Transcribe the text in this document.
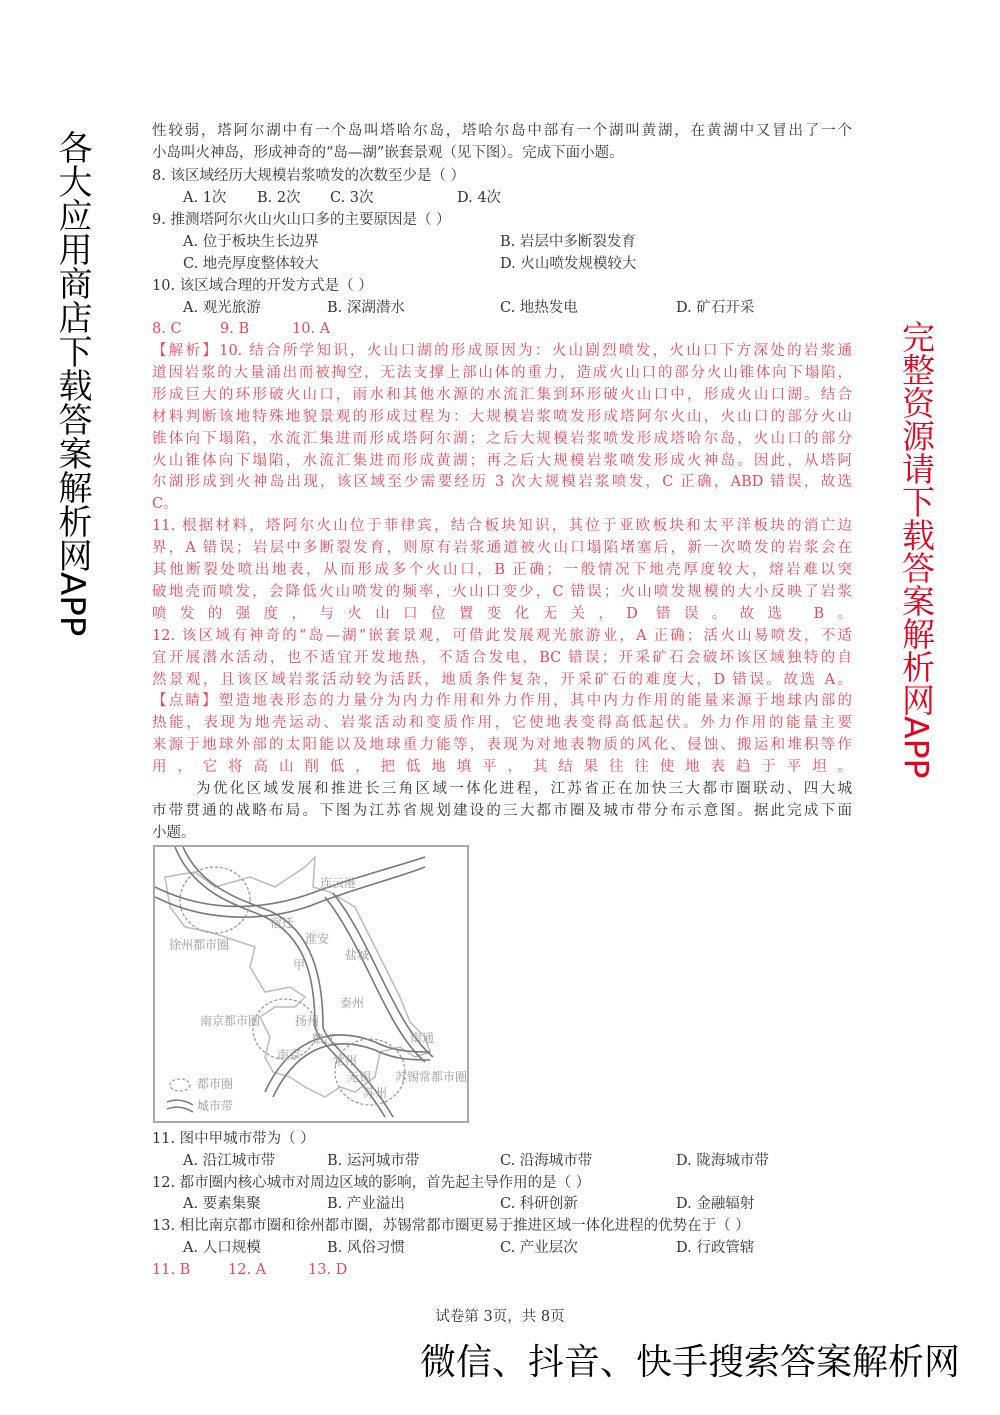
性较弱，塔阿尔湖中有一个岛叫塔哈尔岛，塔哈尔岛中部有一个湖叫黄湖，在黄湖中又冒出了一个
小岛叫火神岛，形成神奇的“岛—湖”嵌套景观（见下图）。完成下面小题。
8. 该区域经历大规模岩浆喷发的次数至少是（ ）
A. 1次 B. 2次 C. 3次	D. 4次
9. 推测塔阿尔火山火山口多的主要原因是（ ）
A. 位于板块生长边界	B. 岩层中多断裂发育
C. 地壳厚度整体较大	D. 火山喷发规模较大
10. 该区域合理的开发方式是（ ）
A. 观光旅游	B. 深湖潜水	C. 地热发电	D. 矿石开采
8. C	9. B	10. A
【解析】10. 结合所学知识，火山口湖的形成原因为：火山剧烈喷发，火山口下方深处的岩浆通
道因岩浆的大量涌出而被掏空，无法支撑上部山体的重力，造成火山口的部分火山锥体向下塌陷，
形成巨大的环形破火山口，雨水和其他水源的水流汇集到环形破火山口中，形成火山口湖。结合
材料判断该地特殊地貌景观的形成过程为：大规模岩浆喷发形成塔阿尔火山，火山口的部分火山
锥体向下塌陷，水流汇集进而形成塔阿尔湖；之后大规模岩浆喷发形成塔哈尔岛，火山口的部分
火山锥体向下塌陷，水流汇集进而形成黄湖；再之后大规模岩浆喷发形成火神岛。因此，从塔阿
尔湖形成到火神岛出现，该区域至少需要经历 3 次大规模岩浆喷发，C 正确，ABD 错误，故选
C。
11. 根据材料，塔阿尔火山位于菲律宾，结合板块知识，其位于亚欧板块和太平洋板块的消亡边
界，A 错误；岩层中多断裂发育，则原有岩浆通道被火山口塌陷堵塞后，新一次喷发的岩浆会在
其他断裂处喷出地表，从而形成多个火山口，B 正确；一般情况下地壳厚度较大，熔岩难以突
破地壳而喷发，会降低火山喷发的频率，火山口变少，C 错误；火山喷发规模的大小反映了岩浆
喷发的强度，与火山口位置变化无关，D 错误。故选 B。
12. 该区域有神奇的“岛—湖”嵌套景观，可借此发展观光旅游业，A 正确；活火山易喷发，不适
宜开展潜水活动，也不适宜开发地热，不适合发电，BC 错误；开采矿石会破坏该区域独特的自
然景观，且该区域岩浆活动较为活跃，地质条件复杂，开采矿石的难度大，D 错误。故选 A。
【点睛】塑造地表形态的力量分为内力作用和外力作用，其中内力作用的能量来源于地球内部的
热能，表现为地壳运动、岩浆活动和变质作用，它使地表变得高低起伏。外力作用的能量主要
来源于地球外部的太阳能以及地球重力能等，表现为对地表物质的风化、侵蚀、搬运和堆积等作
用，它将高山削低，把低地填平，其结果往往使地表趋于平坦。
为优化区域发展和推进长三角区域一体化进程，江苏省正在加快三大都市圈联动、四大城
市带贯通的战略布局。下图为江苏省规划建设的三大都市圈及城市带分布示意图。据此完成下面
小题。
连云港
宿迁
淮安
徐州都市圈
盐城
甲
泰州
南京都市圈	扬州
镇江
南京
南通
常州
无锡
苏州
苏锡常都市圈
都市圈
城市带
11. 图中甲城市带为（ ）
A. 沿江城市带	B. 运河城市带	C. 沿海城市带	D. 陇海城市带
12. 都市圈内核心城市对周边区域的影响，首先起主导作用的是（ ）
A. 要素集聚	B. 产业溢出	C. 科研创新	D. 金融辐射
13. 相比南京都市圈和徐州都市圈，苏锡常都市圈更易于推进区域一体化进程的优势在于（ ）
A. 人口规模	B. 风俗习惯	C. 产业层次	D. 行政管辖
11. B	12. A	13. D
试卷第 3页，共 8页
各大应用商店下载答案解析网APP	完整资源请下载答案解析网APP
微信、抖音、快手搜索答案解析网
